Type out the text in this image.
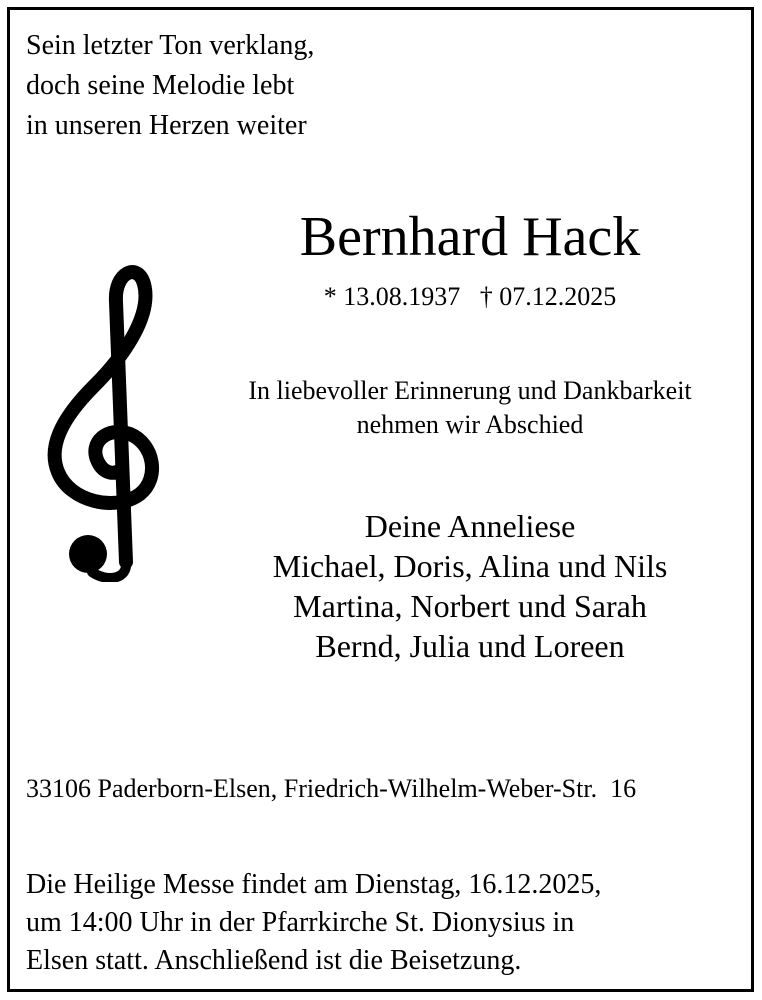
Sein letzter Ton verklang,
doch seine Melodie lebt
in unseren Herzen weiter
Bernhard Hack
* 13.08.1937   † 07.12.2025
In liebevoller Erinnerung und Dankbarkeit
nehmen wir Abschied
Deine Anneliese
Michael, Doris, Alina und Nils
Martina, Norbert und Sarah
Bernd, Julia und Loreen
33106 Paderborn-Elsen, Friedrich-Wilhelm-Weber-Str.  16
Die Heilige Messe findet am Dienstag, 16.12.2025,
um 14:00 Uhr in der Pfarrkirche St. Dionysius in
Elsen statt. Anschließend ist die Beisetzung.
